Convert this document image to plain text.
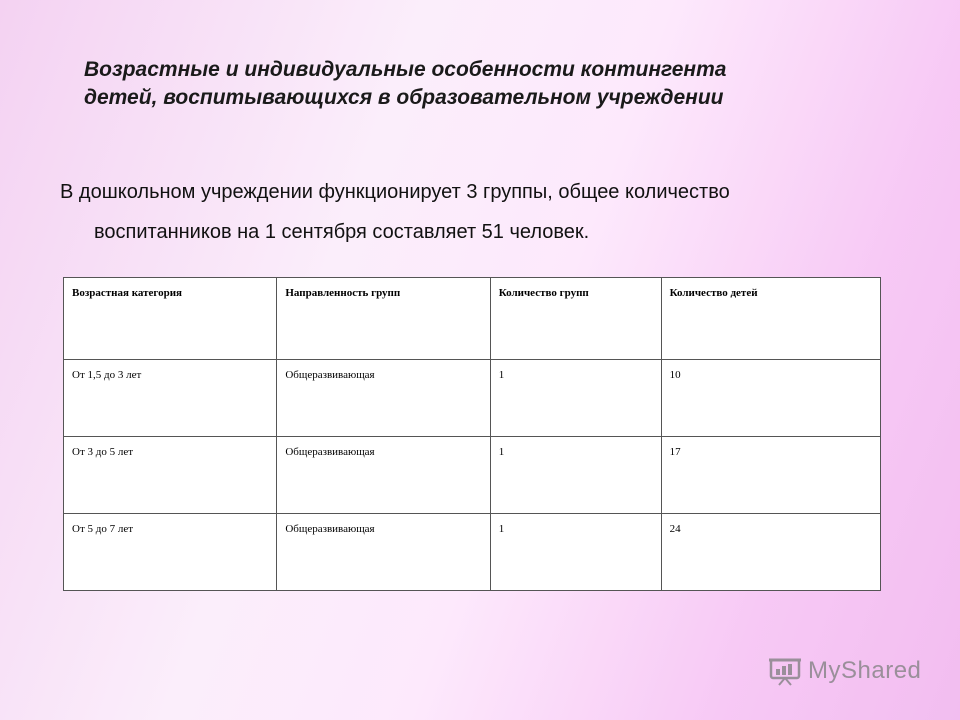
Возрастные и индивидуальные особенности контингента
детей, воспитывающихся в образовательном учреждении
В дошкольном учреждении функционирует 3 группы, общее количество
воспитанников на 1 сентября составляет 51 человек.
Возрастная категория	Направленность групп	Количество групп	Количество детей
От 1,5 до 3 лет	Общеразвивающая	1	10
От 3 до 5 лет	Общеразвивающая	1	17
От 5 до 7 лет	Общеразвивающая	1	24
MyShared
